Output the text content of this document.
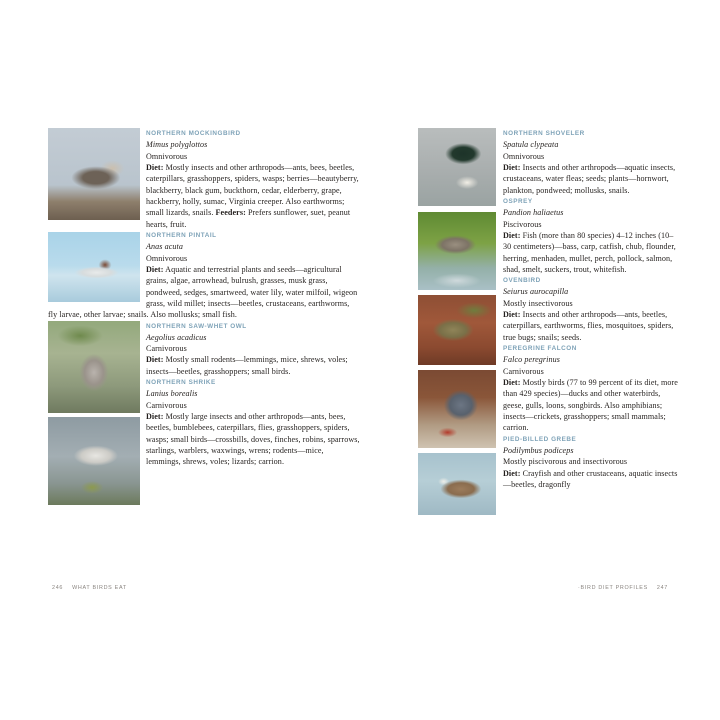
NORTHERN MOCKINGBIRD
Mimus polyglottos
Omnivorous
Diet: Mostly insects and other arthropods—ants, bees, beetles, caterpillars, grasshoppers, spiders, wasps; berries—beautyberry, blackberry, black gum, buckthorn, cedar, elderberry, grape, hackberry, holly, sumac, Virginia creeper. Also earthworms; small lizards, snails. Feeders: Prefers sunflower, suet, peanut hearts, fruit.
NORTHERN PINTAIL
Anas acuta
Omnivorous
Diet: Aquatic and terrestrial plants and seeds—agricultural grains, algae, arrowhead, bulrush, grasses, musk grass, pondweed, sedges, smartweed, water lily, water milfoil, wigeon grass, wild millet; insects—beetles, crustaceans, earthworms, fly larvae, other larvae; snails. Also mollusks; small fish.
NORTHERN SAW-WHET OWL
Aegolius acadicus
Carnivorous
Diet: Mostly small rodents—lemmings, mice, shrews, voles; insects—beetles, grasshoppers; small birds.
NORTHERN SHRIKE
Lanius borealis
Carnivorous
Diet: Mostly large insects and other arthropods—ants, bees, beetles, bumblebees, caterpillars, flies, grasshoppers, spiders, wasps; small birds—crossbills, doves, finches, robins, sparrows, starlings, warblers, waxwings, wrens; rodents—mice, lemmings, shrews, voles; lizards; carrion.
NORTHERN SHOVELER
Spatula clypeata
Omnivorous
Diet: Insects and other arthropods—aquatic insects, crustaceans, water fleas; seeds; plants—hornwort, plankton, pondweed; mollusks, snails.
OSPREY
Pandion haliaetus
Piscivorous
Diet: Fish (more than 80 species) 4–12 inches (10–30 centimeters)—bass, carp, catfish, chub, flounder, herring, menhaden, mullet, perch, pollock, salmon, shad, smelt, suckers, trout, whitefish.
OVENBIRD
Seiurus aurocapilla
Mostly insectivorous
Diet: Insects and other arthropods—ants, beetles, caterpillars, earthworms, flies, mosquitoes, spiders, true bugs; snails; seeds.
PEREGRINE FALCON
Falco peregrinus
Carnivorous
Diet: Mostly birds (77 to 99 percent of its diet, more than 429 species)—ducks and other waterbirds, geese, gulls, loons, songbirds. Also amphibians; insects—crickets, grasshoppers; small mammals; carrion.
PIED-BILLED GREBE
Podilymbus podiceps
Mostly piscivorous and insectivorous
Diet: Crayfish and other crustaceans, aquatic insects—beetles, dragonfly
246 WHAT BIRDS EAT	·BIRD DIET PROFILES 247
